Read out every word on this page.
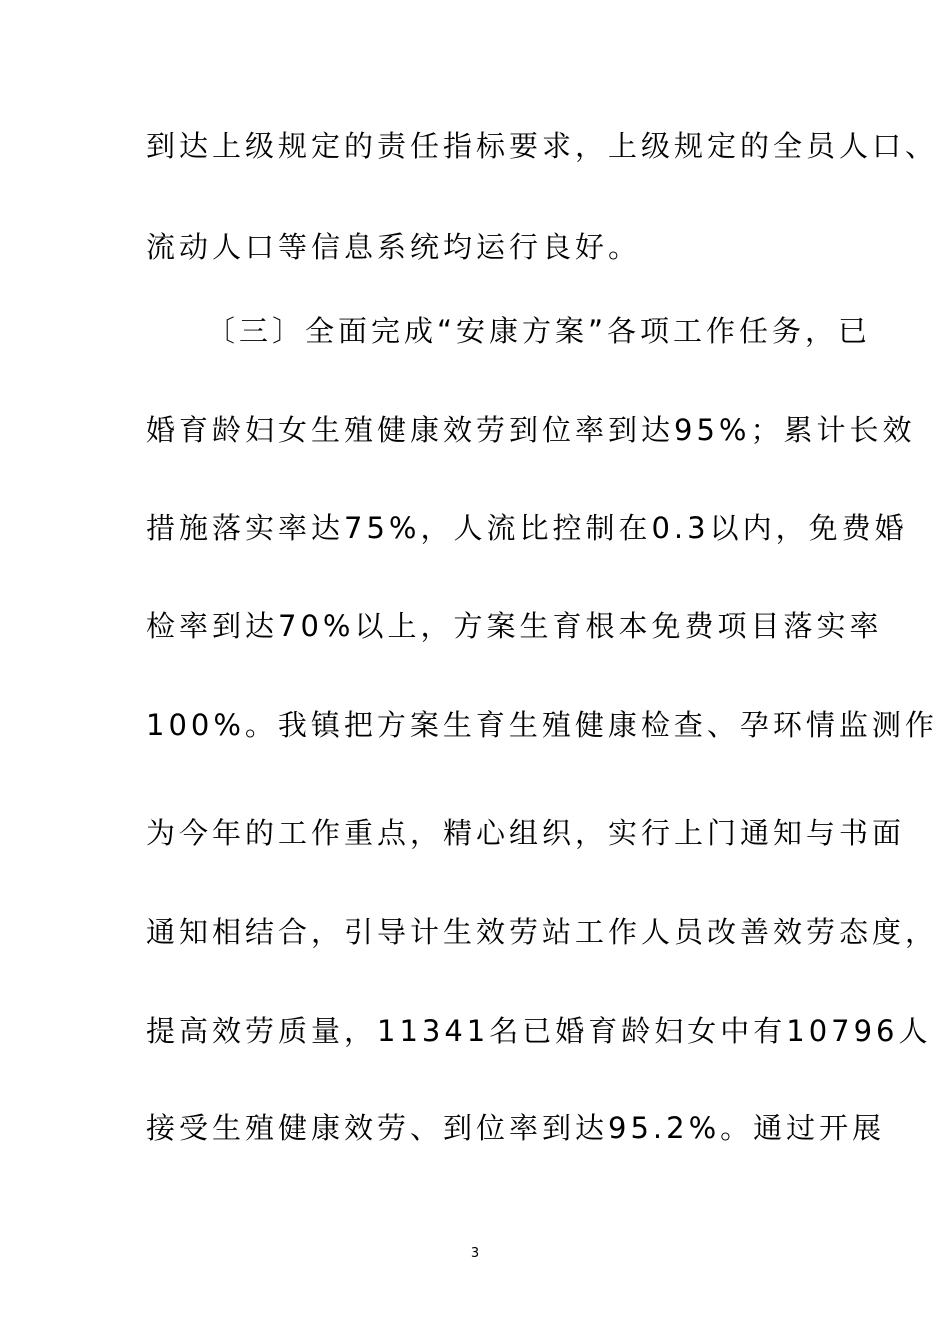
到达上级规定的责任指标要求，上级规定的全员人口、
流动人口等信息系统均运行良好。
〔三〕全面完成“安康方案”各项工作任务，已
婚育龄妇女生殖健康效劳到位率到达95%；累计长效
措施落实率达75%，人流比控制在0.3以内，免费婚
检率到达70%以上，方案生育根本免费项目落实率
100%。我镇把方案生育生殖健康检查、孕环情监测作
为今年的工作重点，精心组织，实行上门通知与书面
通知相结合，引导计生效劳站工作人员改善效劳态度，
提高效劳质量，11341名已婚育龄妇女中有10796人
接受生殖健康效劳、到位率到达95.2%。通过开展
3
